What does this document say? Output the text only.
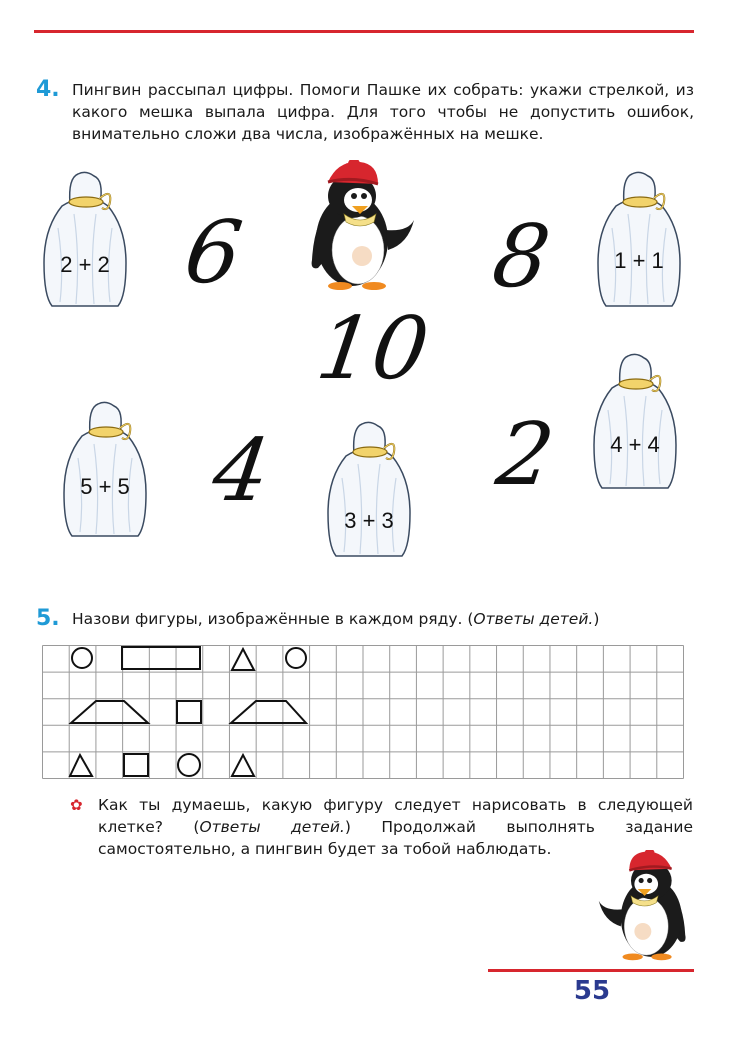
4. Пингвин рассыпал цифры. Помоги Пашке их собрать: укажи стрелкой, из какого мешка выпала цифра. Для того чтобы не допустить ошибок, внимательно сложи два числа, изображённых на мешке.
2 + 2	1 + 1
5 + 5
3 + 3
4 + 4
6	8
10
4	2
5. Назови фигуры, изображённые в каждом ряду. (Ответы детей.)
✿ Как ты думаешь, какую фигуру следует нарисовать в следующей клетке? (Ответы детей.) Продолжай выполнять задание самостоятельно, а пингвин будет за тобой наблюдать.
55
